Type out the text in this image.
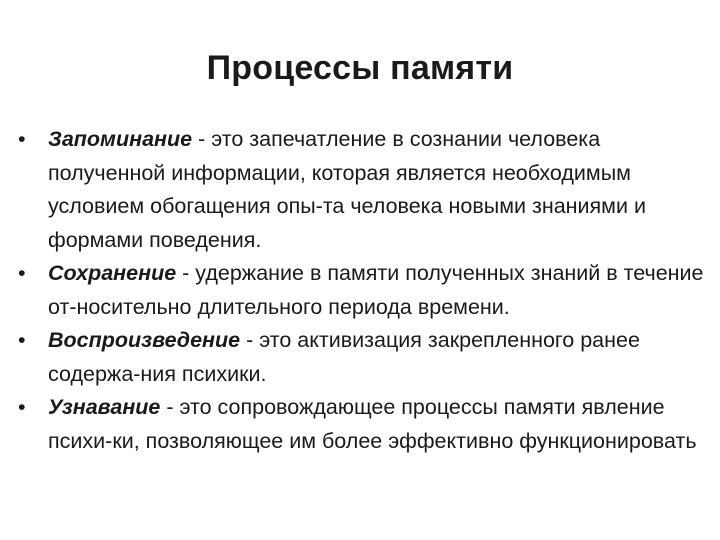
Процессы памяти
•	Запоминание - это запечатление в сознании человека полученной информации, которая является необходимым условием обогащения опы-та человека новыми знаниями и формами поведения.
•	Сохранение - удержание в памяти полученных знаний в течение от-носительно длительного периода времени.
•	Воспроизведение - это активизация закрепленного ранее содержа-ния психики.
•	Узнавание - это сопровождающее процессы памяти явление психи-ки, позволяющее им более эффективно функционировать
